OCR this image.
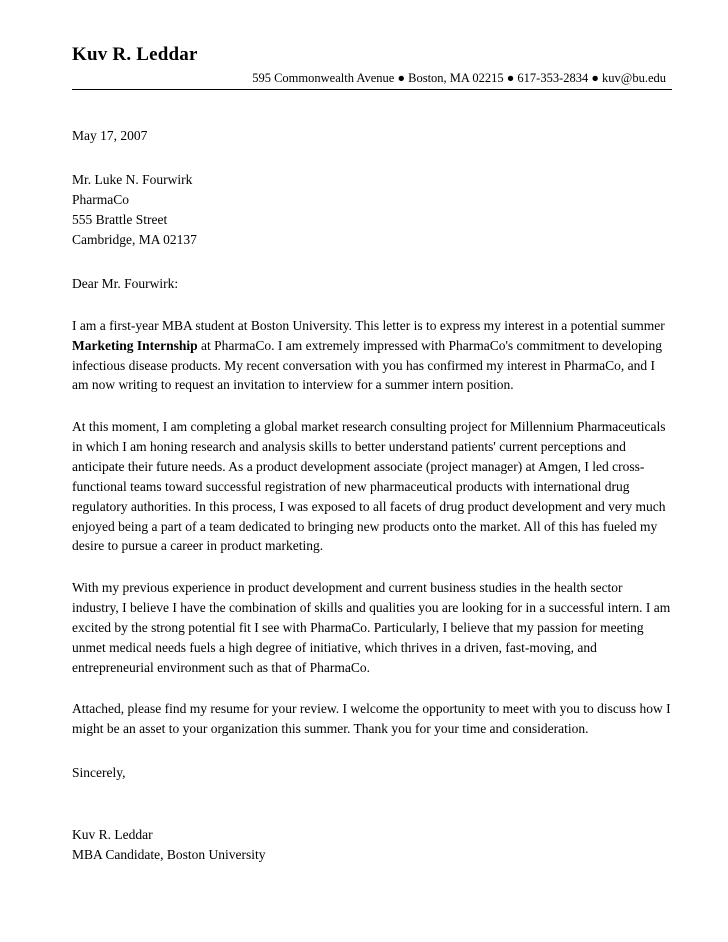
Kuv R. Leddar
595 Commonwealth Avenue ● Boston, MA 02215 ● 617-353-2834 ● kuv@bu.edu
May 17, 2007
Mr. Luke N. Fourwirk
PharmaCo
555 Brattle Street
Cambridge, MA 02137
Dear Mr. Fourwirk:

I am a first-year MBA student at Boston University. This letter is to express my interest in a potential summer Marketing Internship at PharmaCo. I am extremely impressed with PharmaCo's commitment to developing infectious disease products. My recent conversation with you has confirmed my interest in PharmaCo, and I am now writing to request an invitation to interview for a summer intern position.

At this moment, I am completing a global market research consulting project for Millennium Pharmaceuticals in which I am honing research and analysis skills to better understand patients' current perceptions and anticipate their future needs. As a product development associate (project manager) at Amgen, I led cross-functional teams toward successful registration of new pharmaceutical products with international drug regulatory authorities. In this process, I was exposed to all facets of drug product development and very much enjoyed being a part of a team dedicated to bringing new products onto the market. All of this has fueled my desire to pursue a career in product marketing.

With my previous experience in product development and current business studies in the health sector industry, I believe I have the combination of skills and qualities you are looking for in a successful intern. I am excited by the strong potential fit I see with PharmaCo. Particularly, I believe that my passion for meeting unmet medical needs fuels a high degree of initiative, which thrives in a driven, fast-moving, and entrepreneurial environment such as that of PharmaCo.

Attached, please find my resume for your review. I welcome the opportunity to meet with you to discuss how I might be an asset to your organization this summer. Thank you for your time and consideration.

Sincerely,
Kuv R. Leddar
MBA Candidate, Boston University
